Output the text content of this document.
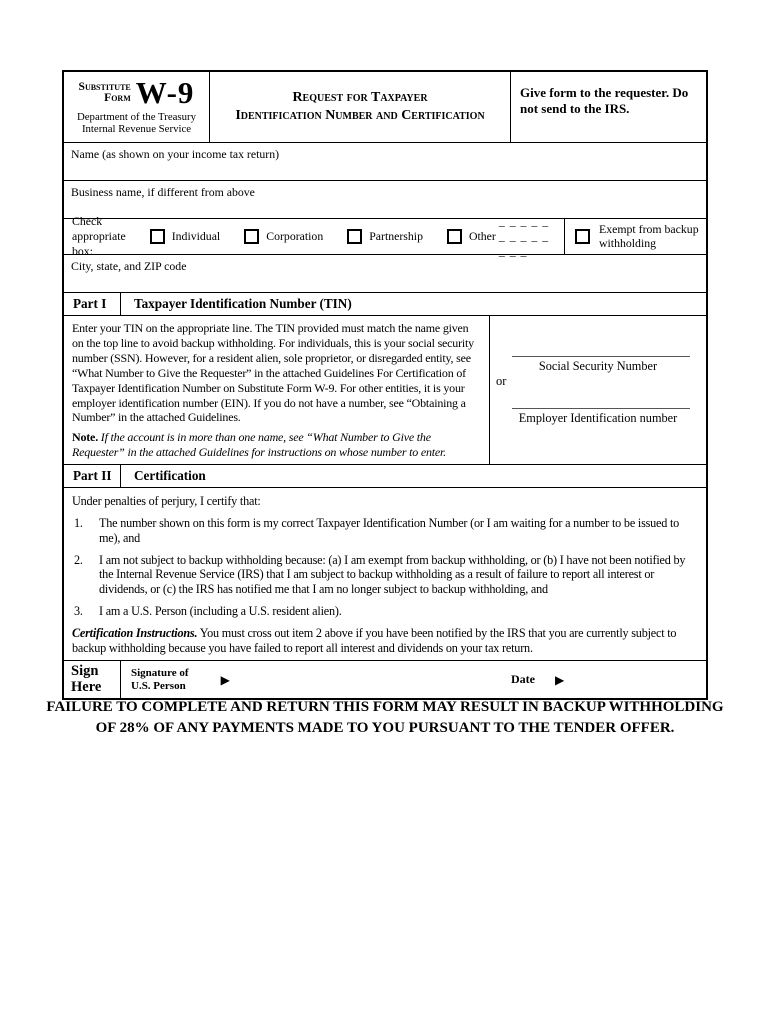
Substitute
Form W-9
Department of the Treasury
Internal Revenue Service
Request for Taxpayer
Identification Number and Certification
Give form to the requester. Do not send to the IRS.
Name (as shown on your income tax return)
Business name, if different from above
Check appropriate box:
Individual	Corporation	Partnership	Other
_ _ _ _ _ _ _ _ _ _ _ _ _
Exempt from backup withholding
City, state, and ZIP code
Part I	Taxpayer Identification Number (TIN)
Enter your TIN on the appropriate line. The TIN provided must match the name given on the top line to avoid backup withholding. For individuals, this is your social security number (SSN). However, for a resident alien, sole proprietor, or disregarded entity, see “What Number to Give the Requester” in the attached Guidelines For Certification of Taxpayer Identification Number on Substitute Form W-9. For other entities, it is your employer identification number (EIN). If you do not have a number, see “Obtaining a Number” in the attached Guidelines.
Note. If the account is in more than one name, see “What Number to Give the Requester” in the attached Guidelines for instructions on whose number to enter.
or
Social Security Number
Employer Identification number
Part II	Certification
Under penalties of perjury, I certify that:
1.	The number shown on this form is my correct Taxpayer Identification Number (or I am waiting for a number to be issued to me), and
2.	I am not subject to backup withholding because: (a) I am exempt from backup withholding, or (b) I have not been notified by the Internal Revenue Service (IRS) that I am subject to backup withholding as a result of failure to report all interest or dividends, or (c) the IRS has notified me that I am no longer subject to backup withholding, and
3.	I am a U.S. Person (including a U.S. resident alien).
Certification Instructions. You must cross out item 2 above if you have been notified by the IRS that you are currently subject to backup withholding because you have failed to report all interest and dividends on your tax return.
Sign
Here
Signature of
U.S. Person	▶	Date ▶
FAILURE TO COMPLETE AND RETURN THIS FORM MAY RESULT IN BACKUP WITHHOLDING
OF 28% OF ANY PAYMENTS MADE TO YOU PURSUANT TO THE TENDER OFFER.
